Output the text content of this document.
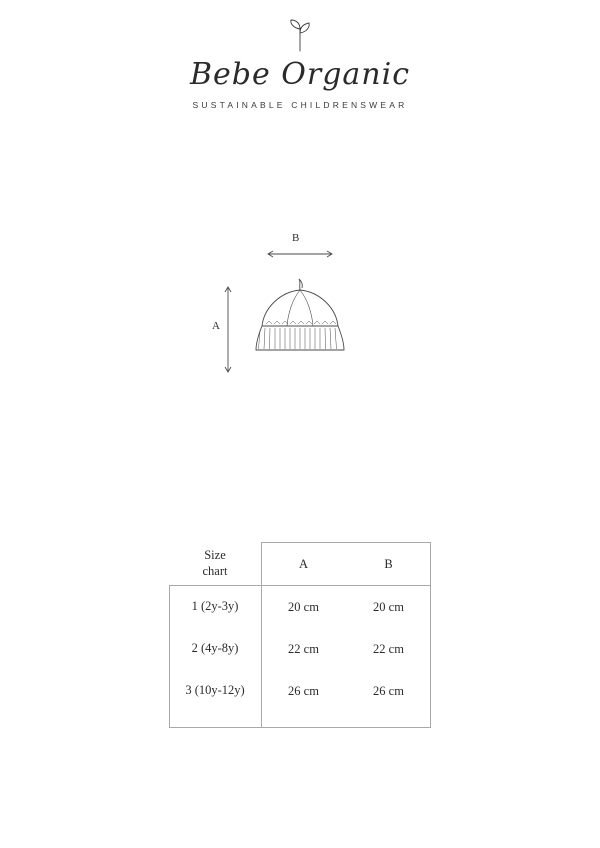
Bebe Organic
SUSTAINABLE CHILDRENSWEAR
B
A
Size
chart	A	B
1 (2y-3y)	20 cm	20 cm
2 (4y-8y)	22 cm	22 cm
3 (10y-12y)	26 cm	26 cm
